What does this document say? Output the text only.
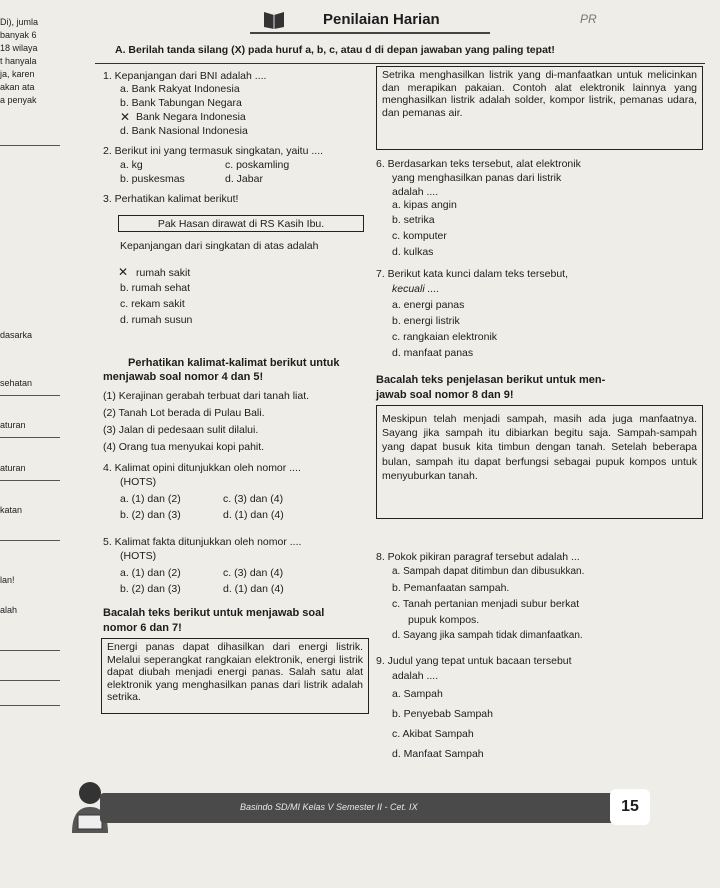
Penilaian Harian	PR
A. Berilah tanda silang (X) pada huruf a, b, c, atau d di depan jawaban yang paling tepat!
Di), jumla
banyak 6
18 wilaya
t hanyala
ja, karen
akan ata
a penyak
dasarka
sehatan
aturan
aturan
katan
lan!
alah
1. Kepanjangan dari BNI adalah ....
a. Bank Rakyat Indonesia
b. Bank Tabungan Negara
✕ Bank Negara Indonesia
d. Bank Nasional Indonesia
2. Berikut ini yang termasuk singkatan, yaitu ....
a. kg	c. poskamling
b. puskesmas	d. Jabar
3. Perhatikan kalimat berikut!
Pak Hasan dirawat di RS Kasih Ibu.
Kepanjangan dari singkatan di atas adalah
✕ rumah sakit
b. rumah sehat
c. rekam sakit
d. rumah susun
Perhatikan kalimat-kalimat berikut untuk
menjawab soal nomor 4 dan 5!
(1) Kerajinan gerabah terbuat dari tanah liat.
(2) Tanah Lot berada di Pulau Bali.
(3) Jalan di pedesaan sulit dilalui.
(4) Orang tua menyukai kopi pahit.
4. Kalimat opini ditunjukkan oleh nomor ....
(HOTS)
a. (1) dan (2)	c. (3) dan (4)
b. (2) dan (3)	d. (1) dan (4)
5. Kalimat fakta ditunjukkan oleh nomor ....
(HOTS)
a. (1) dan (2)	c. (3) dan (4)
b. (2) dan (3)	d. (1) dan (4)
Bacalah teks berikut untuk menjawab soal
nomor 6 dan 7!
Energi panas dapat dihasilkan dari energi listrik. Melalui seperangkat rangkaian elektronik, energi listrik dapat diubah menjadi energi panas. Salah satu alat elektronik yang menghasilkan panas dari listrik adalah setrika.
Setrika menghasilkan listrik yang di-manfaatkan untuk melicinkan dan merapikan pakaian. Contoh alat elektronik lainnya yang menghasilkan listrik adalah solder, kompor listrik, pemanas udara, dan pemanas air.
6. Berdasarkan teks tersebut, alat elektronik
yang menghasilkan panas dari listrik
adalah ....
a. kipas angin
b. setrika
c. komputer
d. kulkas
7. Berikut kata kunci dalam teks tersebut,
kecuali ....
a. energi panas
b. energi listrik
c. rangkaian elektronik
d. manfaat panas
Bacalah teks penjelasan berikut untuk men-
jawab soal nomor 8 dan 9!
Meskipun telah menjadi sampah, masih ada juga manfaatnya. Sayang jika sampah itu dibiarkan begitu saja. Sampah-sampah yang dapat busuk kita timbun dengan tanah. Setelah beberapa bulan, sampah itu dapat berfungsi sebagai pupuk kompos untuk menyuburkan tanah.
8. Pokok pikiran paragraf tersebut adalah ...
a. Sampah dapat ditimbun dan dibusukkan.
b. Pemanfaatan sampah.
c. Tanah pertanian menjadi subur berkat
pupuk kompos.
d. Sayang jika sampah tidak dimanfaatkan.
9. Judul yang tepat untuk bacaan tersebut
adalah ....
a. Sampah
b. Penyebab Sampah
c. Akibat Sampah
d. Manfaat Sampah
Basindo SD/MI Kelas V Semester II - Cet. IX	15
